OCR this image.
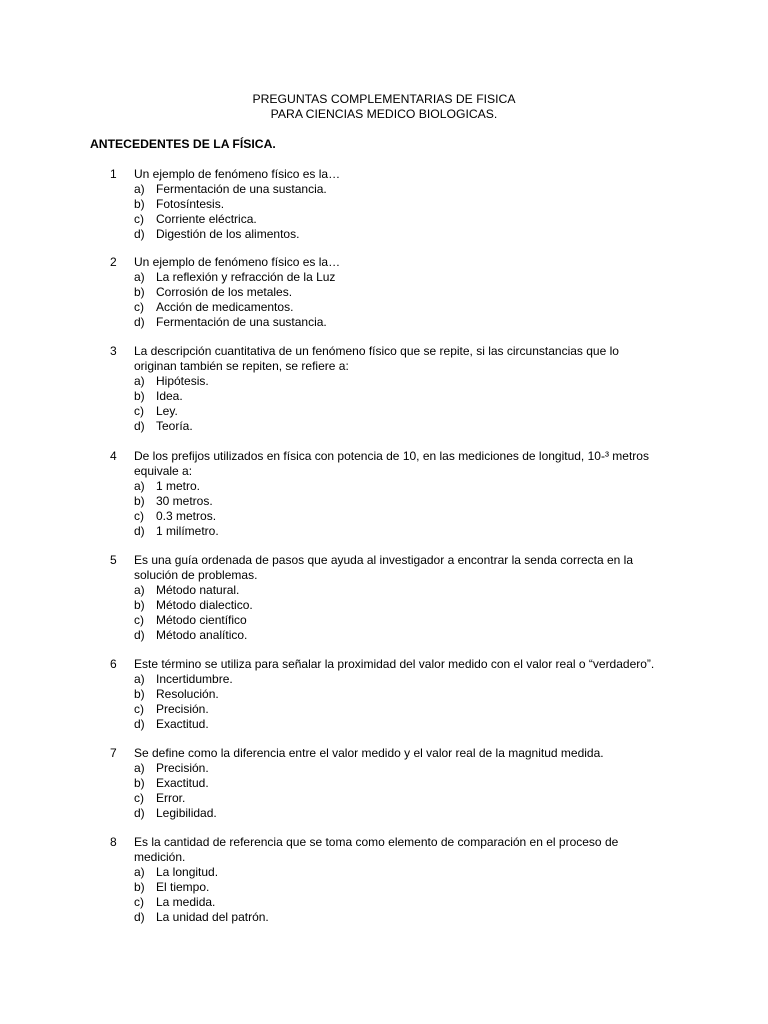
PREGUNTAS COMPLEMENTARIAS DE FISICA
PARA CIENCIAS MEDICO BIOLOGICAS.
ANTECEDENTES DE LA FÍSICA.
1 Un ejemplo de fenómeno físico es la…
a) Fermentación de una sustancia.
b) Fotosíntesis.
c) Corriente eléctrica.
d) Digestión de los alimentos.
2 Un ejemplo de fenómeno físico es la…
a) La reflexión y refracción de la Luz
b) Corrosión de los metales.
c) Acción de medicamentos.
d) Fermentación de una sustancia.
3 La descripción cuantitativa de un fenómeno físico que se repite, si las circunstancias que lo
originan también se repiten, se refiere a:
a) Hipótesis.
b) Idea.
c) Ley.
d) Teoría.
4 De los prefijos utilizados en física con potencia de 10, en las mediciones de longitud, 10-³ metros
equivale a:
a) 1 metro.
b) 30 metros.
c) 0.3 metros.
d) 1 milímetro.
5 Es una guía ordenada de pasos que ayuda al investigador a encontrar la senda correcta en la
solución de problemas.
a) Método natural.
b) Método dialectico.
c) Método científico
d) Método analítico.
6 Este término se utiliza para señalar la proximidad del valor medido con el valor real o “verdadero”.
a) Incertidumbre.
b) Resolución.
c) Precisión.
d) Exactitud.
7 Se define como la diferencia entre el valor medido y el valor real de la magnitud medida.
a) Precisión.
b) Exactitud.
c) Error.
d) Legibilidad.
8 Es la cantidad de referencia que se toma como elemento de comparación en el proceso de
medición.
a) La longitud.
b) El tiempo.
c) La medida.
d) La unidad del patrón.
